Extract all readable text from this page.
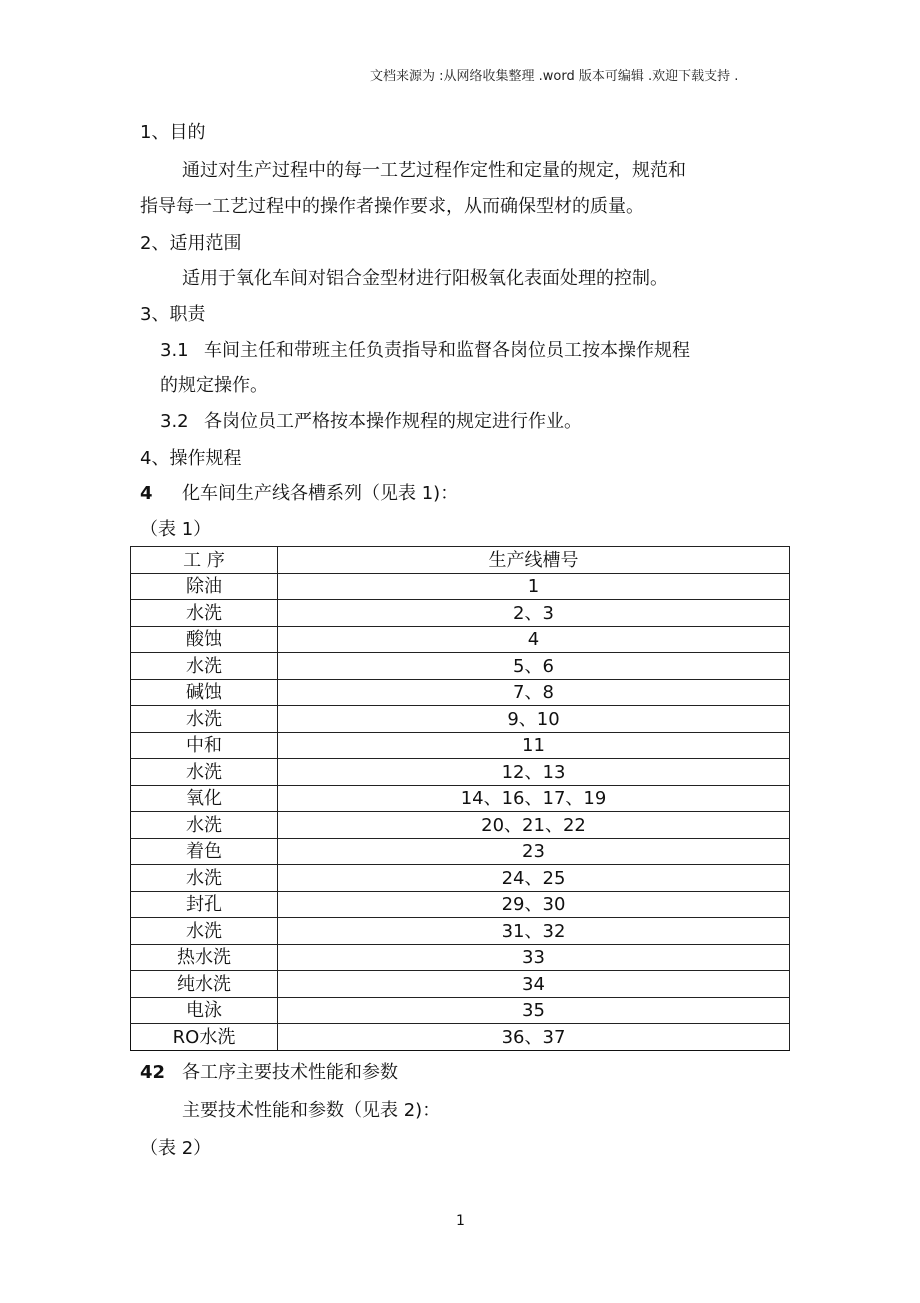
文档来源为 :从网络收集整理 .word 版本可编辑 .欢迎下载支持 .
1、目的
通过对生产过程中的每一工艺过程作定性和定量的规定，规范和
指导每一工艺过程中的操作者操作要求，从而确保型材的质量。
2、适用范围
适用于氧化车间对铝合金型材进行阳极氧化表面处理的控制。
3、职责
3.1 车间主任和带班主任负责指导和监督各岗位员工按本操作规程
的规定操作。
3.2 各岗位员工严格按本操作规程的规定进行作业。
4、操作规程
4 化车间生产线各槽系列（见表 1)：
（表 1）
工 序	生产线槽号
除油	1
水洗	2、3
酸蚀	4
水洗	5、6
碱蚀	7、8
水洗	9、10
中和	11
水洗	12、13
氧化	14、16、17、19
水洗	20、21、22
着色	23
水洗	24、25
封孔	29、30
水洗	31、32
热水洗	33
纯水洗	34
电泳	35
RO水洗	36、37
42 各工序主要技术性能和参数
主要技术性能和参数（见表 2)：
（表 2）
1
